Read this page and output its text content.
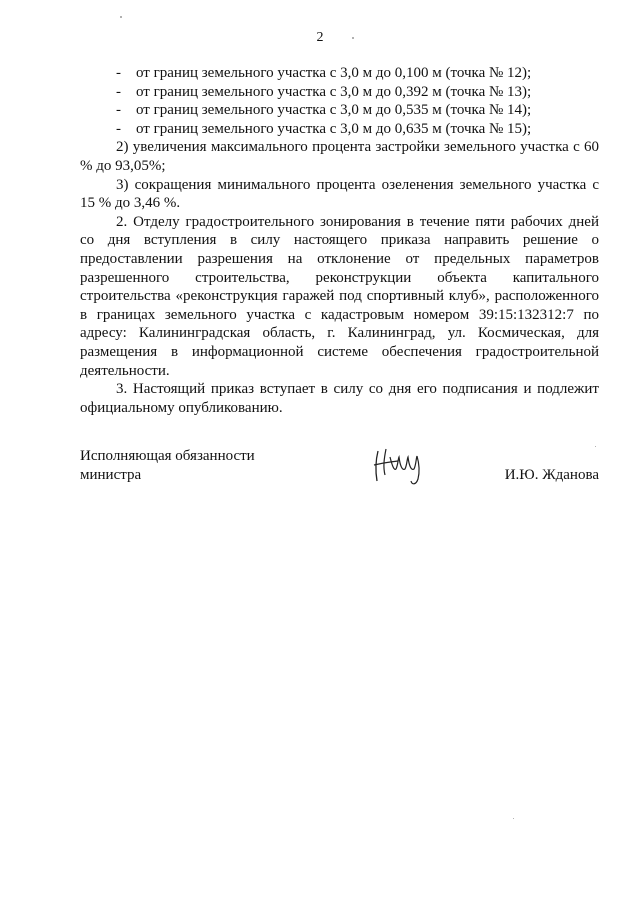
2

- от границ земельного участка с 3,0 м до 0,100 м (точка № 12);

- от границ земельного участка с 3,0 м до 0,392 м (точка № 13);

- от границ земельного участка с 3,0 м до 0,535 м (точка № 14);

- от границ земельного участка с 3,0 м до 0,635 м (точка № 15);

2) увеличения максимального процента застройки земельного участка с 60 % до 93,05%;

3) сокращения минимального процента озеленения земельного участка с 15 % до 3,46 %.

2. Отделу градостроительного зонирования в течение пяти рабочих дней со дня вступления в силу настоящего приказа направить решение о предоставлении разрешения на отклонение от предельных параметров разрешенного строительства, реконструкции объекта капитального строительства «реконструкция гаражей под спортивный клуб», расположенного в границах земельного участка с кадастровым номером 39:15:132312:7 по адресу: Калининградская область, г. Калининград, ул. Космическая, для размещения в информационной системе обеспечения градостроительной деятельности.

3. Настоящий приказ вступает в силу со дня его подписания и подлежит официальному опубликованию.

Исполняющая обязанности
министра	И.Ю. Жданова
